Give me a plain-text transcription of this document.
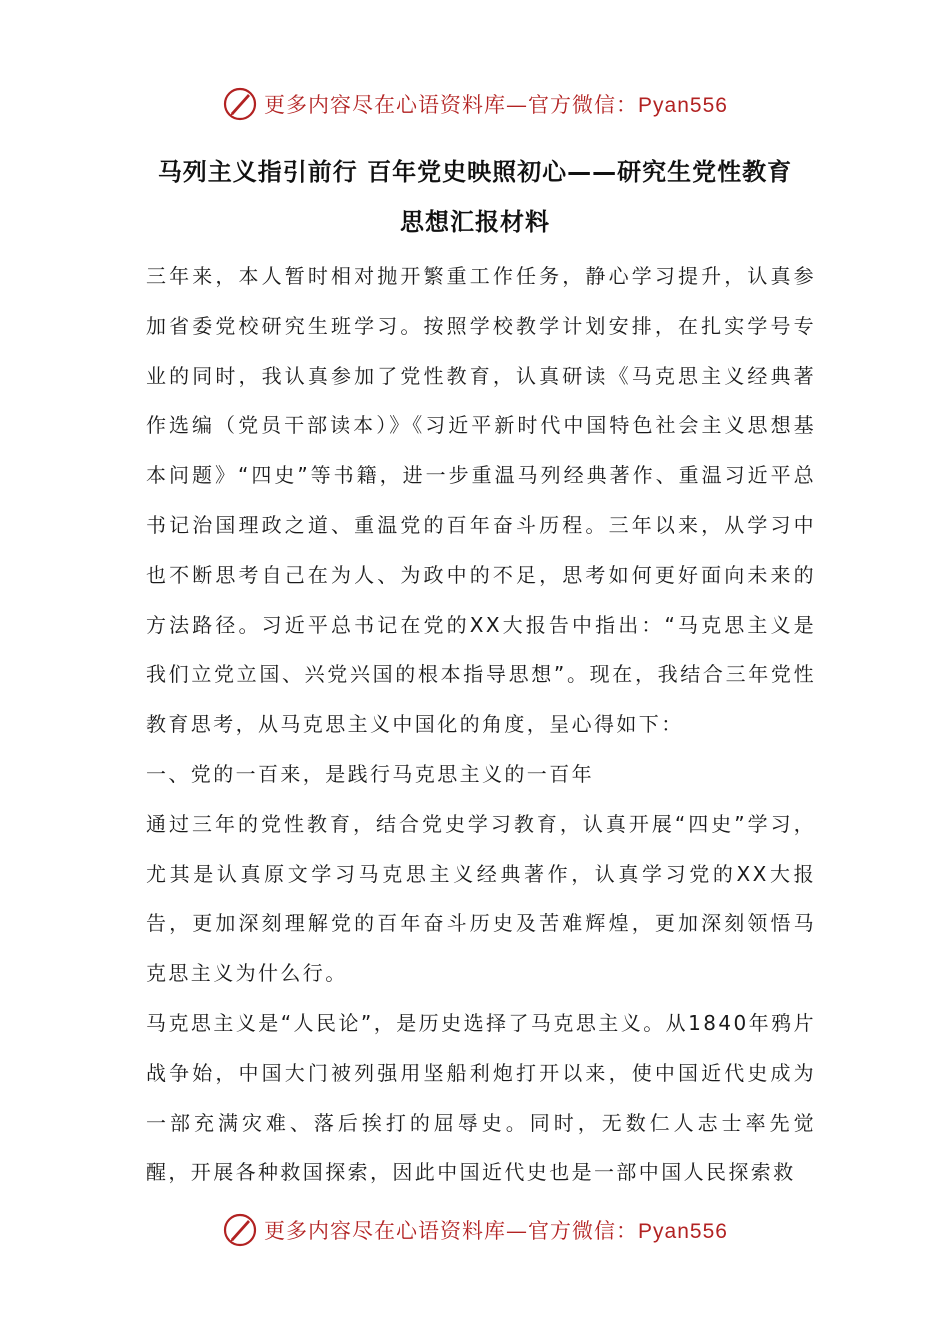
更多内容尽在心语资料库—官方微信：Pyan556
马列主义指引前行 百年党史映照初心——研究生党性教育
思想汇报材料

三年来，本人暂时相对抛开繁重工作任务，静心学习提升，认真参加省委党校研究生班学习。按照学校教学计划安排，在扎实学号专业的同时，我认真参加了党性教育，认真研读《马克思主义经典著作选编（党员干部读本）》《习近平新时代中国特色社会主义思想基本问题》“四史”等书籍，进一步重温马列经典著作、重温习近平总书记治国理政之道、重温党的百年奋斗历程。三年以来，从学习中也不断思考自己在为人、为政中的不足，思考如何更好面向未来的方法路径。习近平总书记在党的XX大报告中指出：“马克思主义是我们立党立国、兴党兴国的根本指导思想”。现在，我结合三年党性教育思考，从马克思主义中国化的角度，呈心得如下：

一、党的一百来，是践行马克思主义的一百年

通过三年的党性教育，结合党史学习教育，认真开展“四史”学习，尤其是认真原文学习马克思主义经典著作，认真学习党的XX大报告，更加深刻理解党的百年奋斗历史及苦难辉煌，更加深刻领悟马克思主义为什么行。

马克思主义是“人民论”，是历史选择了马克思主义。从1840年鸦片战争始，中国大门被列强用坚船利炮打开以来，使中国近代史成为一部充满灾难、落后挨打的屈辱史。同时，无数仁人志士率先觉醒，开展各种救国探索，因此中国近代史也是一部中国人民探索救

更多内容尽在心语资料库—官方微信：Pyan556
